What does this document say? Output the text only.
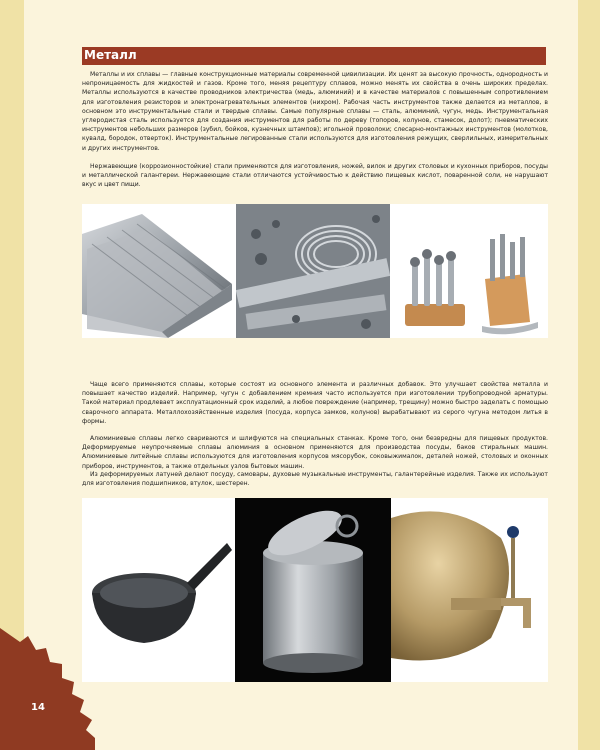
Металл

Металлы и их сплавы — главные конструкционные материалы современной цивилизации. Их ценят за высокую прочность, однородность и непроницаемость для жидкостей и газов. Кроме того, меняя рецептуру сплавов, можно менять их свойства в очень широких пределах. Металлы используются в качестве проводников электричества (медь, алюминий) и в качестве материалов с повышенным сопротивлением для изготовления резисторов и электронагревательных элементов (нихром). Рабочая часть инструментов также делается из металлов, в основном это инструментальные стали и твердые сплавы. Самые популярные сплавы — сталь, алюминий, чугун, медь. Инструментальная углеродистая сталь используется для создания инструментов для работы по дереву (топоров, колунов, стамесок, долот); пневматических инструментов небольших размеров (зубил, бойков, кузнечных штампов); игольной проволоки; слесарно-монтажных инструментов (молотков, кувалд, бородок, отверток). Инструментальные легированные стали используются для изготовления режущих, сверлильных, измерительных и других инструментов.

Нержавеющие (коррозионностойкие) стали применяются для изготовления, ножей, вилок и других столовых и кухонных приборов, посуды и металлической галантереи. Нержавеющие стали отличаются устойчивостью к действию пищевых кислот, поваренной соли, не нарушают вкус и цвет пищи.

Чаще всего применяются сплавы, которые состоят из основного элемента и различных добавок. Это улучшает свойства металла и повышает качество изделий. Например, чугун с добавлением кремния часто используется при изготовлении трубопроводной арматуры. Такой материал продлевает эксплуатационный срок изделий, а любое повреждение (например, трещину) можно быстро заделать с помощью сварочного аппарата. Металлохозяйственные изделия (посуда, корпуса замков, колунов) вырабатывают из серого чугуна методом литья в формы.

Алюминиевые сплавы легко свариваются и шлифуются на специальных станках. Кроме того, они безвредны для пищевых продуктов. Деформируемые неупрочняемые сплавы алюминия в основном применяются для производства посуды, баков стиральных машин. Алюминиевые литейные сплавы используются для изготовления корпусов мясорубок, соковыжималок, деталей ножей, столовых и оконных приборов, инструментов, а также отдельных узлов бытовых машин.

Из деформируемых латуней делают посуду, самовары, духовые музыкальные инструменты, галантерейные изделия. Также их используют для изготовления подшипников, втулок, шестерен.

14
